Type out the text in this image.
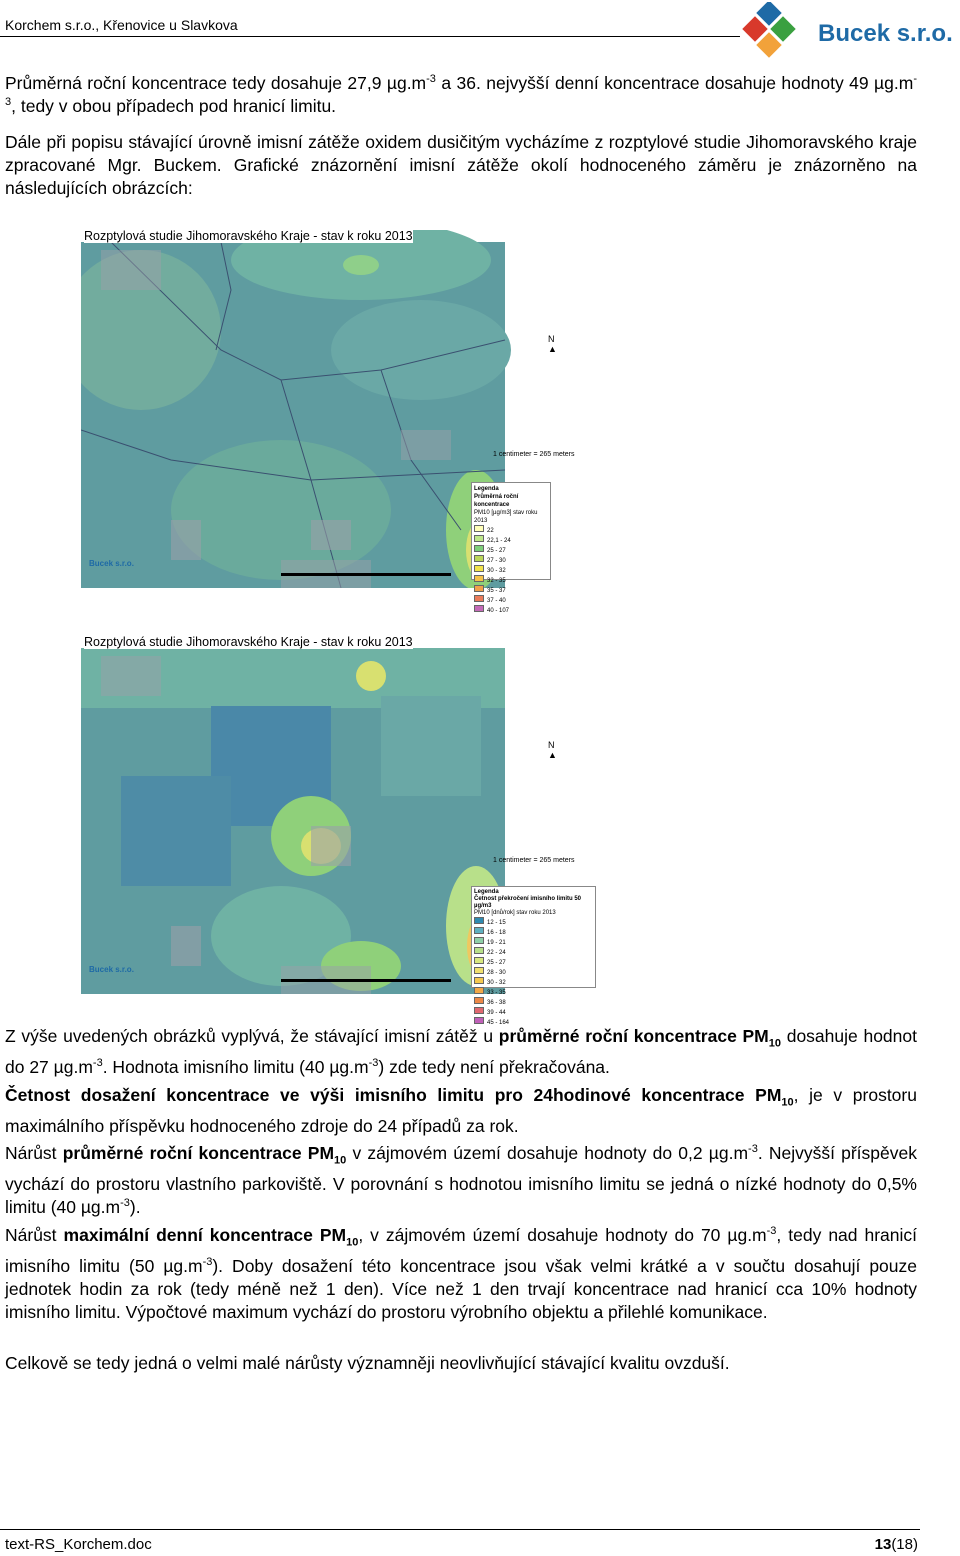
Korchem s.r.o., Křenovice u Slavkova	Bucek s.r.o.
Průměrná roční koncentrace tedy dosahuje 27,9 $\mu g.m^{-3}$ a 36. nejvyšší denní koncentrace dosahuje hodnoty 49 $\mu g.m^{-3}$, tedy v obou případech pod hranicí limitu.
Dále při popisu stávající úrovně imisní zátěže oxidem dusičitým vycházíme z rozptylové studie Jihomoravského kraje zpracované Mgr. Buckem. Grafické znázornění imisní zátěže okolí hodnoceného záměru je znázorněno na následujících obrázcích:
Rozptylová studie Jihomoravského Kraje - stav k roku 2013
N
▲
1 centimeter = 265 meters
Legenda
Průměrná roční koncentrace
PM10 [µg/m3] stav roku 2013
22
22,1 - 24
25 - 27
27 - 30
30 - 32
32 - 35
35 - 37
37 - 40
40 - 107
Bucek s.r.o.
Rozptylová studie Jihomoravského Kraje - stav k roku 2013
N
▲
1 centimeter = 265 meters
Legenda
Četnost překročení imisního limitu 50 µg/m3
PM10 [dnů/rok] stav roku 2013
12 - 15
16 - 18
19 - 21
22 - 24
25 - 27
28 - 30
30 - 32
33 - 35
36 - 38
39 - 44
45 - 164
Bucek s.r.o.
Z výše uvedených obrázků vyplývá, že stávající imisní zátěž u průměrné roční koncentrace $PM_{10}$ dosahuje hodnot do 27 $\mu g.m^{-3}$. Hodnota imisního limitu (40 $\mu g.m^{-3}$) zde tedy není překračována.
Četnost dosažení koncentrace ve výši imisního limitu pro 24hodinové koncentrace $PM_{10}$, je v prostoru maximálního příspěvku hodnoceného zdroje do 24 případů za rok.
Nárůst průměrné roční koncentrace $PM_{10}$ v zájmovém území dosahuje hodnoty do 0,2 $\mu g.m^{-3}$. Nejvyšší příspěvek vychází do prostoru vlastního parkoviště. V porovnání s hodnotou imisního limitu se jedná o nízké hodnoty do 0,5% limitu (40 $\mu g.m^{-3}$).
Nárůst maximální denní koncentrace $PM_{10}$, v zájmovém území dosahuje hodnoty do 70 $\mu g.m^{-3}$, tedy nad hranicí imisního limitu (50 $\mu g.m^{-3}$). Doby dosažení této koncentrace jsou však velmi krátké a v součtu dosahují pouze jednotek hodin za rok (tedy méně než 1 den). Více než 1 den trvají koncentrace nad hranicí cca 10% hodnoty imisního limitu. Výpočtové maximum vychází do prostoru výrobního objektu a přilehlé komunikace.
Celkově se tedy jedná o velmi malé nárůsty významněji neovlivňující stávající kvalitu ovzduší.
text-RS_Korchem.doc	13(18)
